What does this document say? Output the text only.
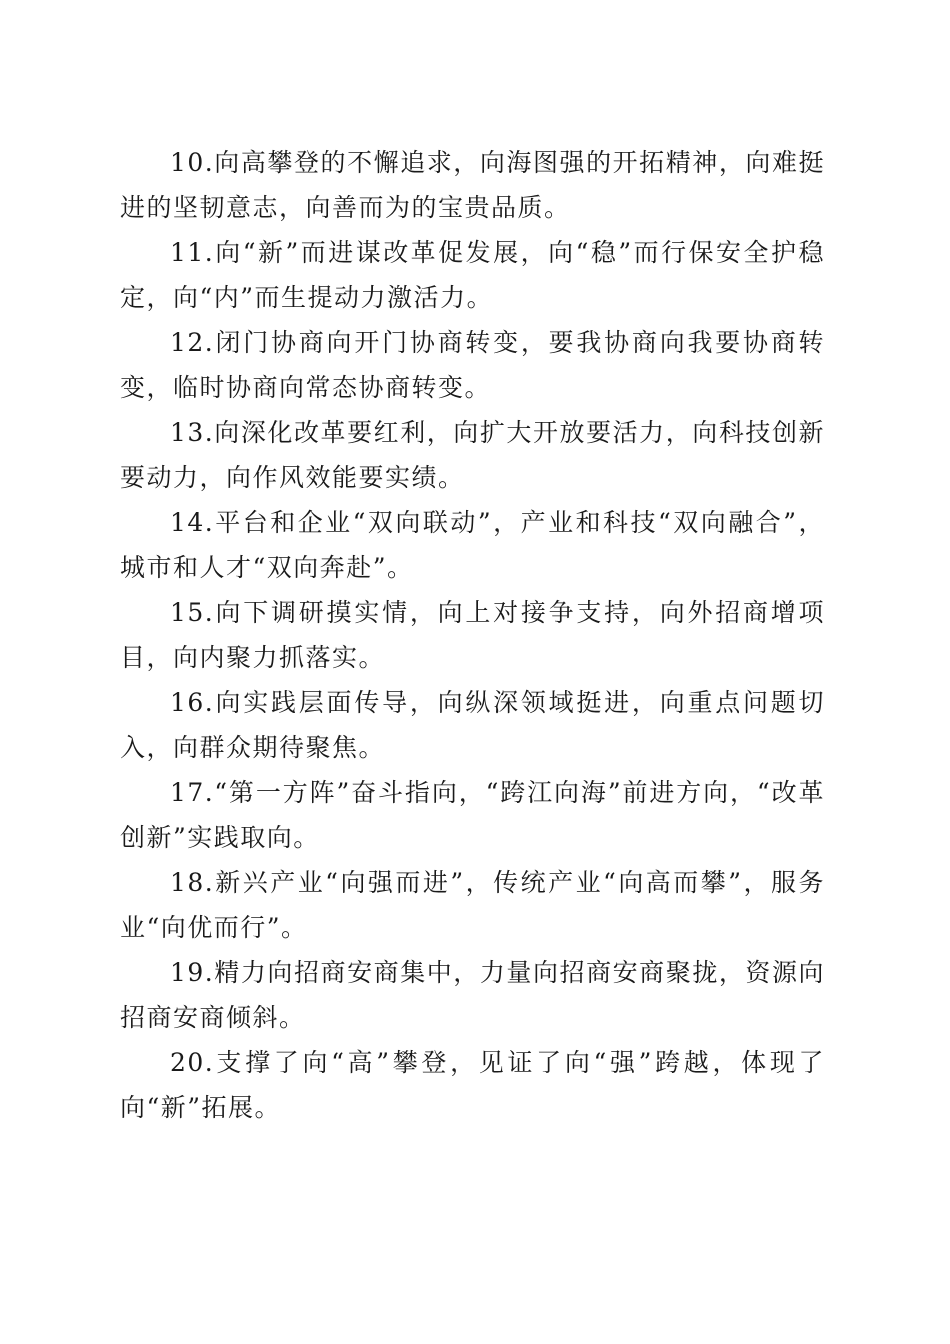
10.向高攀登的不懈追求，向海图强的开拓精神，向难挺进的坚韧意志，向善而为的宝贵品质。

11.向“新”而进谋改革促发展，向“稳”而行保安全护稳定，向“内”而生提动力激活力。

12.闭门协商向开门协商转变，要我协商向我要协商转变，临时协商向常态协商转变。

13.向深化改革要红利，向扩大开放要活力，向科技创新要动力，向作风效能要实绩。

14.平台和企业“双向联动”，产业和科技“双向融合”，城市和人才“双向奔赴”。

15.向下调研摸实情，向上对接争支持，向外招商增项目，向内聚力抓落实。

16.向实践层面传导，向纵深领域挺进，向重点问题切入，向群众期待聚焦。

17.“第一方阵”奋斗指向，“跨江向海”前进方向，“改革创新”实践取向。

18.新兴产业“向强而进”，传统产业“向高而攀”，服务业“向优而行”。

19.精力向招商安商集中，力量向招商安商聚拢，资源向招商安商倾斜。

20.支撑了向“高”攀登，见证了向“强”跨越，体现了向“新”拓展。
